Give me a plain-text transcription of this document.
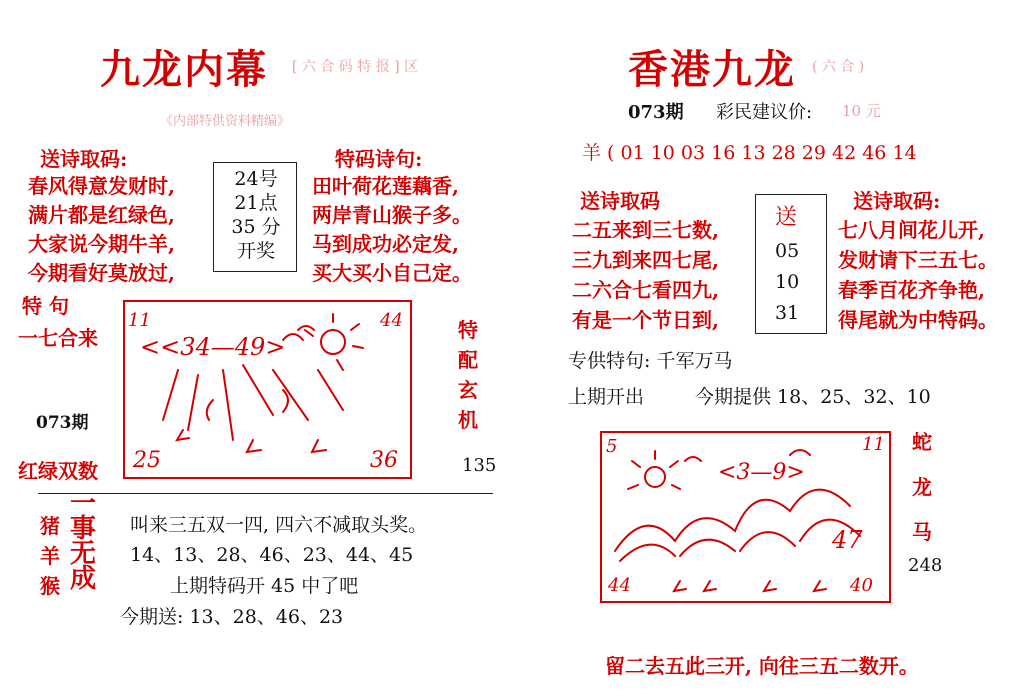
九龙内幕 [ 六 合 码 特 报 ] 区
《内部特供资料精编》
送诗取码:	特码诗句:
春风得意发财时,
满片都是红绿色,
大家说今期牛羊,
今期看好莫放过,
24号
21点
35 分
开奖
田叶荷花莲藕香,
两岸青山猴子多。
马到成功必定发,
买大买小自己定。
特 句
一七合来
073期
红绿双数
11	44
25	36
<<34—49>
特
配
玄
机
135
猪
羊
猴
一
事
无
成
叫来三五双一四, 四六不减取头奖。
14、13、28、46、23、44、45
上期特码开 45 中了吧
今期送: 13、28、46、23
香港九龙 ( 六 合 )
073期 彩民建议价: 10 元
羊 ( 01 10 03 16 13 28 29 42 46 14
送诗取码	送诗取码:
二五来到三七数,
三九到来四七尾,
二六合七看四九,
有是一个节日到,
送
05
10
31
七八月间花儿开,
发财请下三五七。
春季百花齐争艳,
得尾就为中特码。
专供特句: 千军万马
上期开出	今期提供 18、25、32、10
5	11
44	40
<3—9>
47
蛇
龙
马
248
留二去五此三开, 向往三五二数开。
